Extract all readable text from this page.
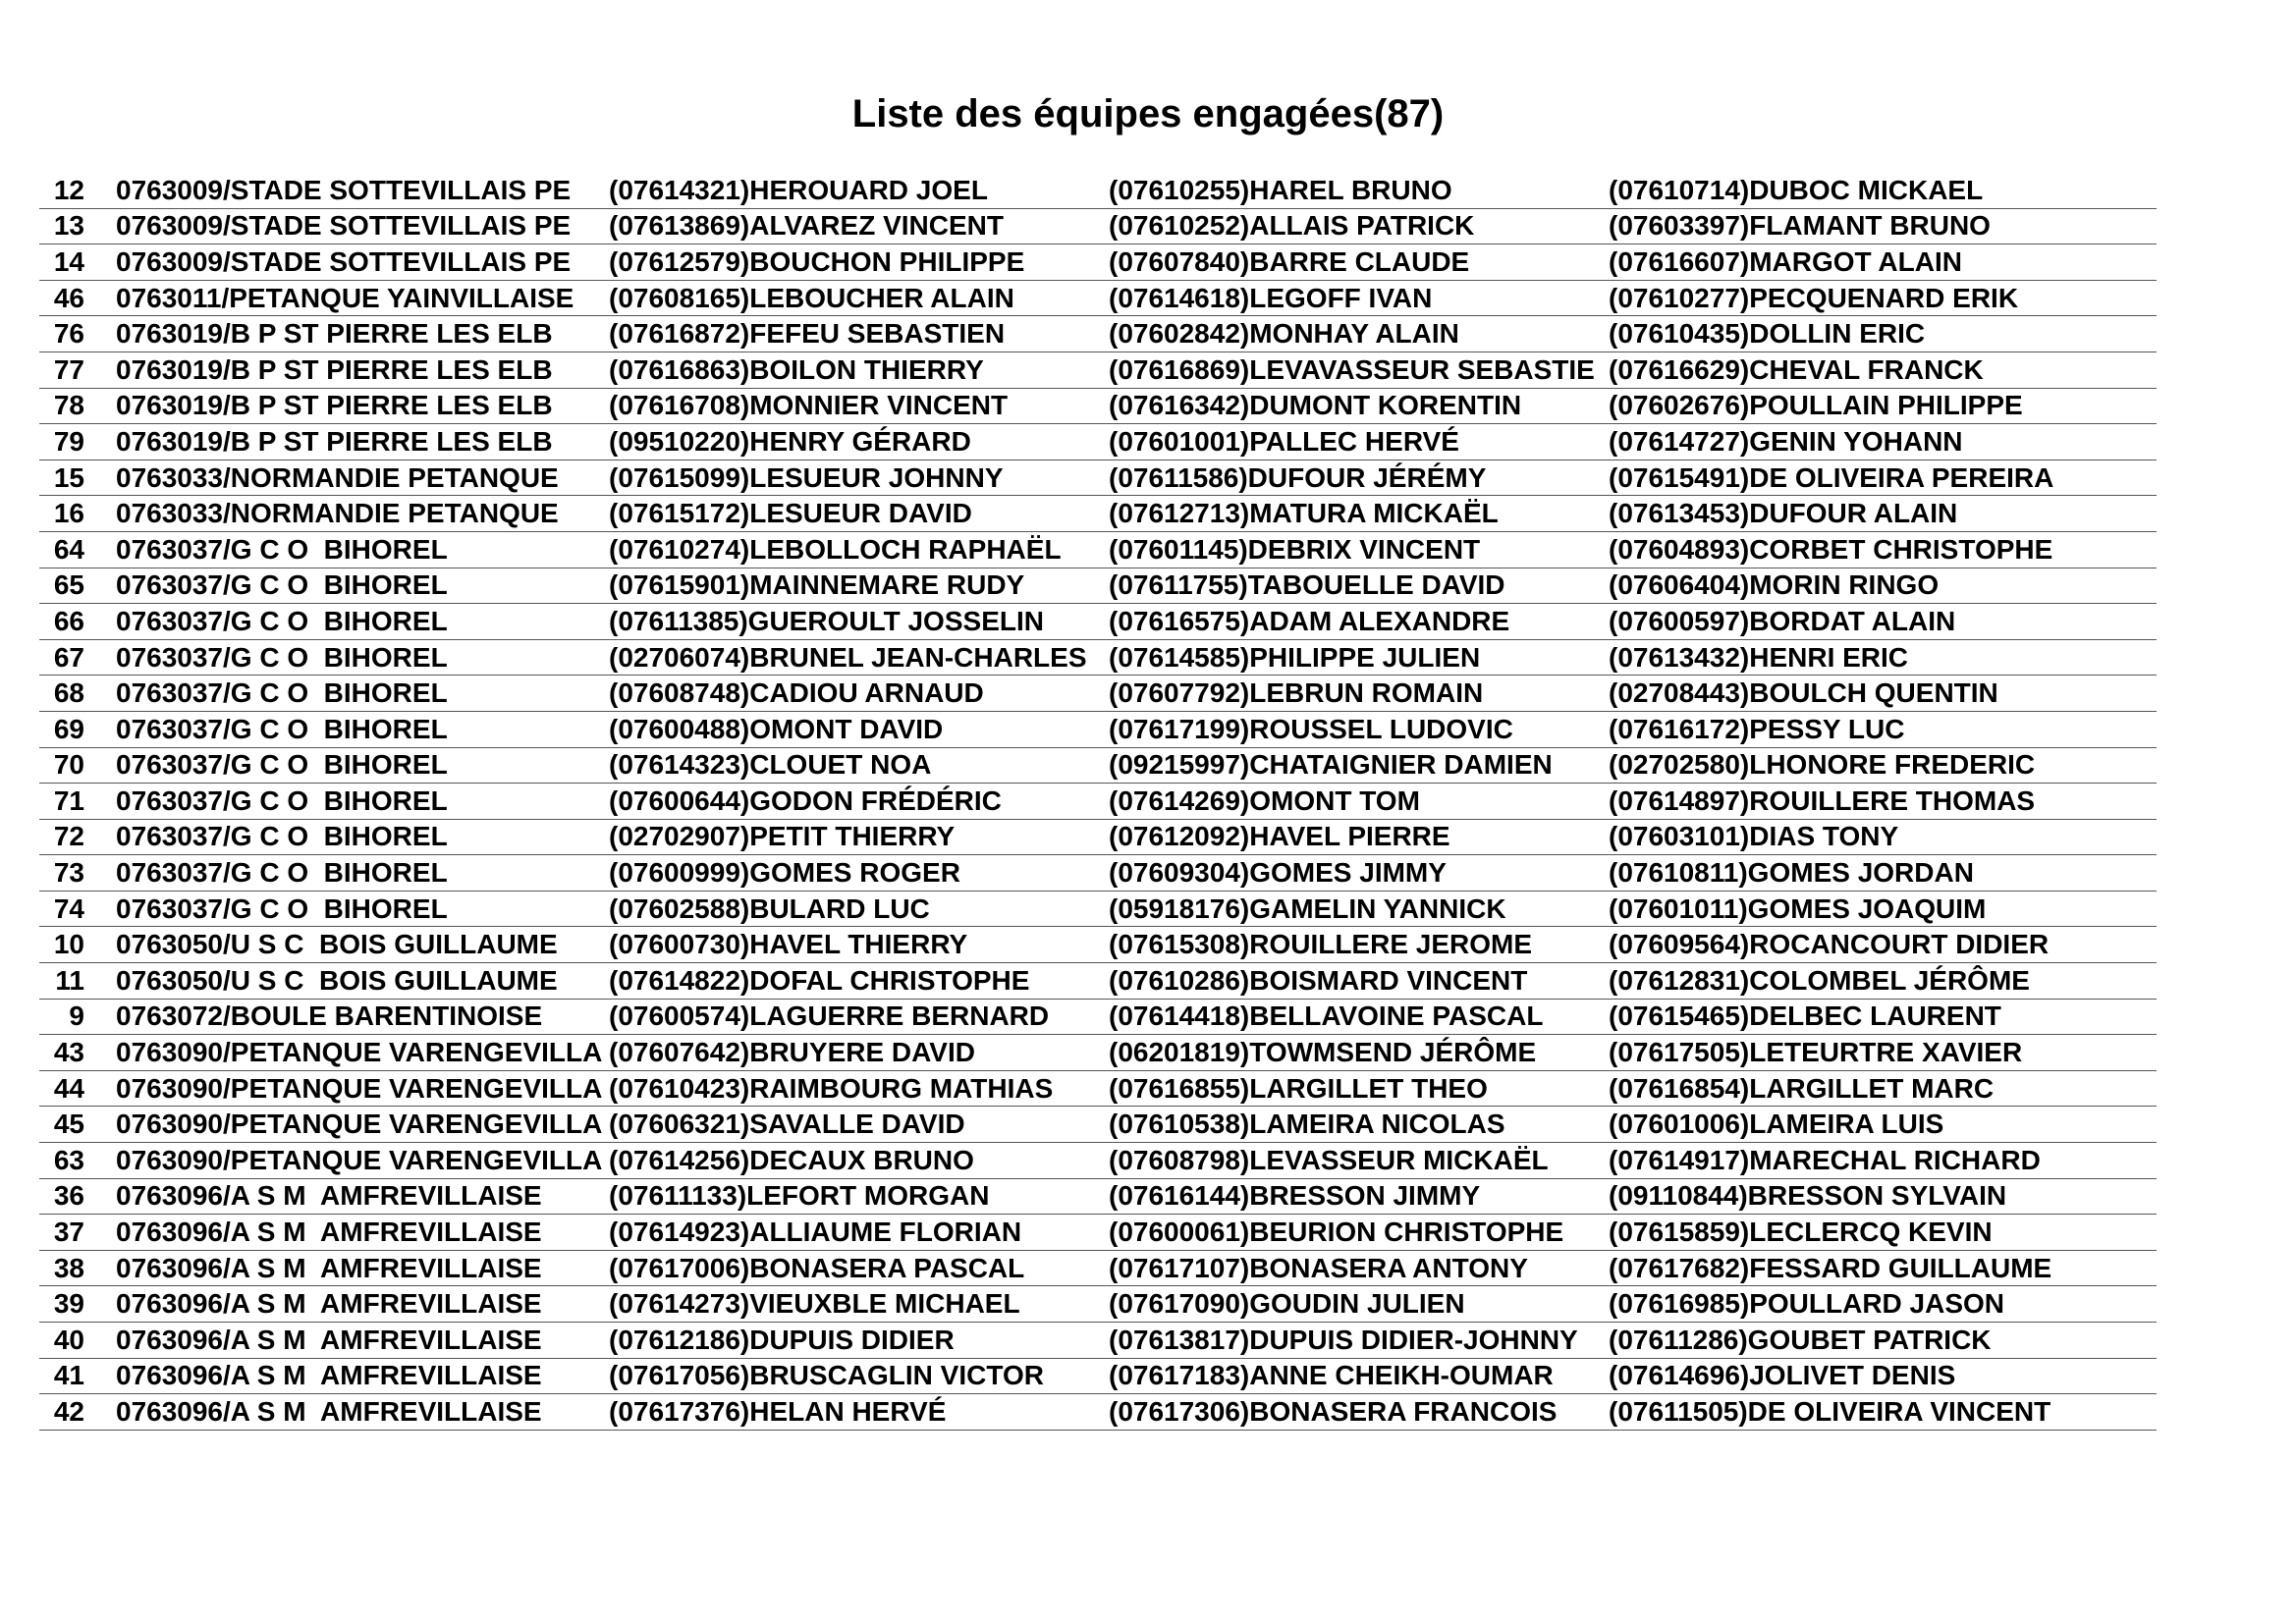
Liste des équipes engagées(87)
12	0763009/STADE SOTTEVILLAIS PE	(07614321)HEROUARD JOEL	(07610255)HAREL BRUNO	(07610714)DUBOC MICKAEL
13	0763009/STADE SOTTEVILLAIS PE	(07613869)ALVAREZ VINCENT	(07610252)ALLAIS PATRICK	(07603397)FLAMANT BRUNO
14	0763009/STADE SOTTEVILLAIS PE	(07612579)BOUCHON PHILIPPE	(07607840)BARRE CLAUDE	(07616607)MARGOT ALAIN
46	0763011/PETANQUE YAINVILLAISE	(07608165)LEBOUCHER ALAIN	(07614618)LEGOFF IVAN	(07610277)PECQUENARD ERIK
76	0763019/B P ST PIERRE LES ELB	(07616872)FEFEU SEBASTIEN	(07602842)MONHAY ALAIN	(07610435)DOLLIN ERIC
77	0763019/B P ST PIERRE LES ELB	(07616863)BOILON THIERRY	(07616869)LEVAVASSEUR SEBASTIE	(07616629)CHEVAL FRANCK
78	0763019/B P ST PIERRE LES ELB	(07616708)MONNIER VINCENT	(07616342)DUMONT KORENTIN	(07602676)POULLAIN PHILIPPE
79	0763019/B P ST PIERRE LES ELB	(09510220)HENRY GÉRARD	(07601001)PALLEC HERVÉ	(07614727)GENIN YOHANN
15	0763033/NORMANDIE PETANQUE	(07615099)LESUEUR JOHNNY	(07611586)DUFOUR JÉRÉMY	(07615491)DE OLIVEIRA PEREIRA
16	0763033/NORMANDIE PETANQUE	(07615172)LESUEUR DAVID	(07612713)MATURA MICKAËL	(07613453)DUFOUR ALAIN
64	0763037/G C O  BIHOREL	(07610274)LEBOLLOCH RAPHAËL	(07601145)DEBRIX VINCENT	(07604893)CORBET CHRISTOPHE
65	0763037/G C O  BIHOREL	(07615901)MAINNEMARE RUDY	(07611755)TABOUELLE DAVID	(07606404)MORIN RINGO
66	0763037/G C O  BIHOREL	(07611385)GUEROULT JOSSELIN	(07616575)ADAM ALEXANDRE	(07600597)BORDAT ALAIN
67	0763037/G C O  BIHOREL	(02706074)BRUNEL JEAN-CHARLES	(07614585)PHILIPPE JULIEN	(07613432)HENRI ERIC
68	0763037/G C O  BIHOREL	(07608748)CADIOU ARNAUD	(07607792)LEBRUN ROMAIN	(02708443)BOULCH QUENTIN
69	0763037/G C O  BIHOREL	(07600488)OMONT DAVID	(07617199)ROUSSEL LUDOVIC	(07616172)PESSY LUC
70	0763037/G C O  BIHOREL	(07614323)CLOUET NOA	(09215997)CHATAIGNIER DAMIEN	(02702580)LHONORE FREDERIC
71	0763037/G C O  BIHOREL	(07600644)GODON FRÉDÉRIC	(07614269)OMONT TOM	(07614897)ROUILLERE THOMAS
72	0763037/G C O  BIHOREL	(02702907)PETIT THIERRY	(07612092)HAVEL PIERRE	(07603101)DIAS TONY
73	0763037/G C O  BIHOREL	(07600999)GOMES ROGER	(07609304)GOMES JIMMY	(07610811)GOMES JORDAN
74	0763037/G C O  BIHOREL	(07602588)BULARD LUC	(05918176)GAMELIN YANNICK	(07601011)GOMES JOAQUIM
10	0763050/U S C  BOIS GUILLAUME	(07600730)HAVEL THIERRY	(07615308)ROUILLERE JEROME	(07609564)ROCANCOURT DIDIER
11	0763050/U S C  BOIS GUILLAUME	(07614822)DOFAL CHRISTOPHE	(07610286)BOISMARD VINCENT	(07612831)COLOMBEL JÉRÔME
9	0763072/BOULE BARENTINOISE	(07600574)LAGUERRE BERNARD	(07614418)BELLAVOINE PASCAL	(07615465)DELBEC LAURENT
43	0763090/PETANQUE VARENGEVILLA	(07607642)BRUYERE DAVID	(06201819)TOWMSEND JÉRÔME	(07617505)LETEURTRE XAVIER
44	0763090/PETANQUE VARENGEVILLA	(07610423)RAIMBOURG MATHIAS	(07616855)LARGILLET THEO	(07616854)LARGILLET MARC
45	0763090/PETANQUE VARENGEVILLA	(07606321)SAVALLE DAVID	(07610538)LAMEIRA NICOLAS	(07601006)LAMEIRA LUIS
63	0763090/PETANQUE VARENGEVILLA	(07614256)DECAUX BRUNO	(07608798)LEVASSEUR MICKAËL	(07614917)MARECHAL RICHARD
36	0763096/A S M  AMFREVILLAISE	(07611133)LEFORT MORGAN	(07616144)BRESSON JIMMY	(09110844)BRESSON SYLVAIN
37	0763096/A S M  AMFREVILLAISE	(07614923)ALLIAUME FLORIAN	(07600061)BEURION CHRISTOPHE	(07615859)LECLERCQ KEVIN
38	0763096/A S M  AMFREVILLAISE	(07617006)BONASERA PASCAL	(07617107)BONASERA ANTONY	(07617682)FESSARD GUILLAUME
39	0763096/A S M  AMFREVILLAISE	(07614273)VIEUXBLE MICHAEL	(07617090)GOUDIN JULIEN	(07616985)POULLARD JASON
40	0763096/A S M  AMFREVILLAISE	(07612186)DUPUIS DIDIER	(07613817)DUPUIS DIDIER-JOHNNY	(07611286)GOUBET PATRICK
41	0763096/A S M  AMFREVILLAISE	(07617056)BRUSCAGLIN VICTOR	(07617183)ANNE CHEIKH-OUMAR	(07614696)JOLIVET DENIS
42	0763096/A S M  AMFREVILLAISE	(07617376)HELAN HERVÉ	(07617306)BONASERA FRANCOIS	(07611505)DE OLIVEIRA VINCENT
